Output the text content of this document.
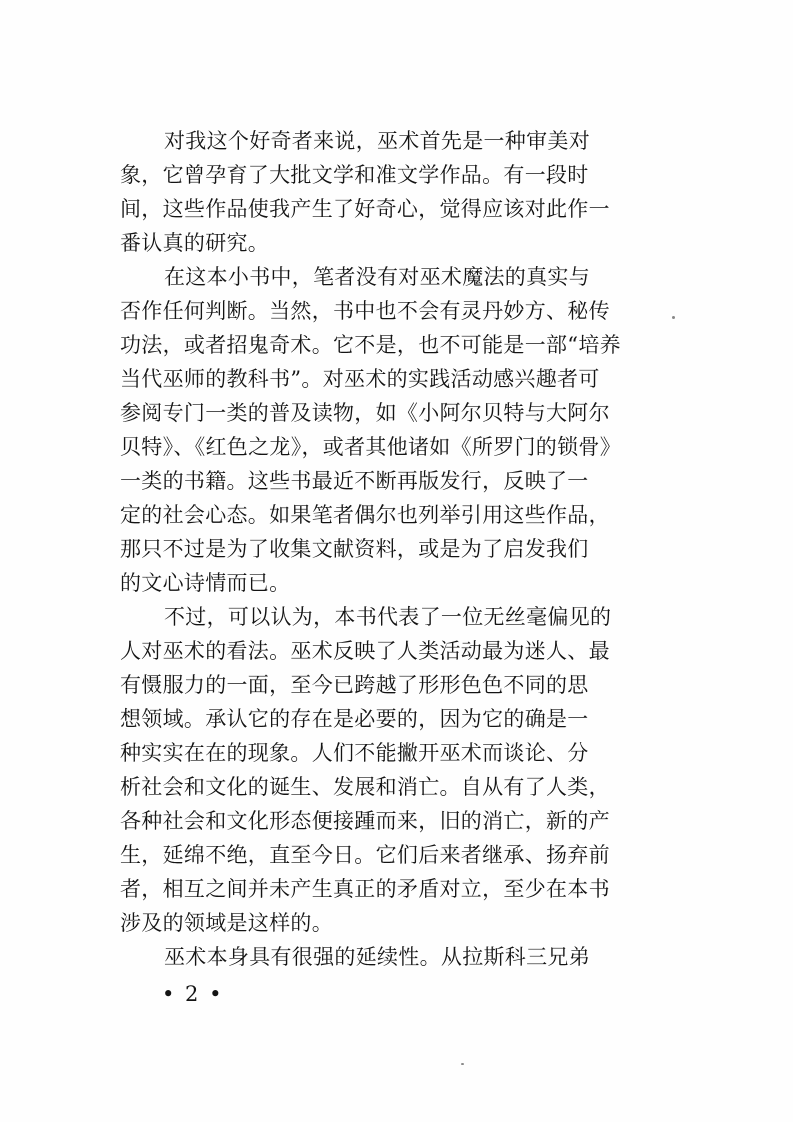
对我这个好奇者来说，巫术首先是一种审美对
象，它曾孕育了大批文学和准文学作品。有一段时
间，这些作品使我产生了好奇心，觉得应该对此作一
番认真的研究。
在这本小书中，笔者没有对巫术魔法的真实与
否作任何判断。当然，书中也不会有灵丹妙方、秘传
功法，或者招鬼奇术。它不是，也不可能是一部“培养
当代巫师的教科书”。对巫术的实践活动感兴趣者可
参阅专门一类的普及读物，如《小阿尔贝特与大阿尔
贝特》、《红色之龙》，或者其他诸如《所罗门的锁骨》
一类的书籍。这些书最近不断再版发行，反映了一
定的社会心态。如果笔者偶尔也列举引用这些作品，
那只不过是为了收集文献资料，或是为了启发我们
的文心诗情而已。
不过，可以认为，本书代表了一位无丝毫偏见的
人对巫术的看法。巫术反映了人类活动最为迷人、最
有慑服力的一面，至今已跨越了形形色色不同的思
想领域。承认它的存在是必要的，因为它的确是一
种实实在在的现象。人们不能撇开巫术而谈论、分
析社会和文化的诞生、发展和消亡。自从有了人类，
各种社会和文化形态便接踵而来，旧的消亡，新的产
生，延绵不绝，直至今日。它们后来者继承、扬弃前
者，相互之间并未产生真正的矛盾对立，至少在本书
涉及的领域是这样的。
巫术本身具有很强的延续性。从拉斯科三兄弟
• 2 •
